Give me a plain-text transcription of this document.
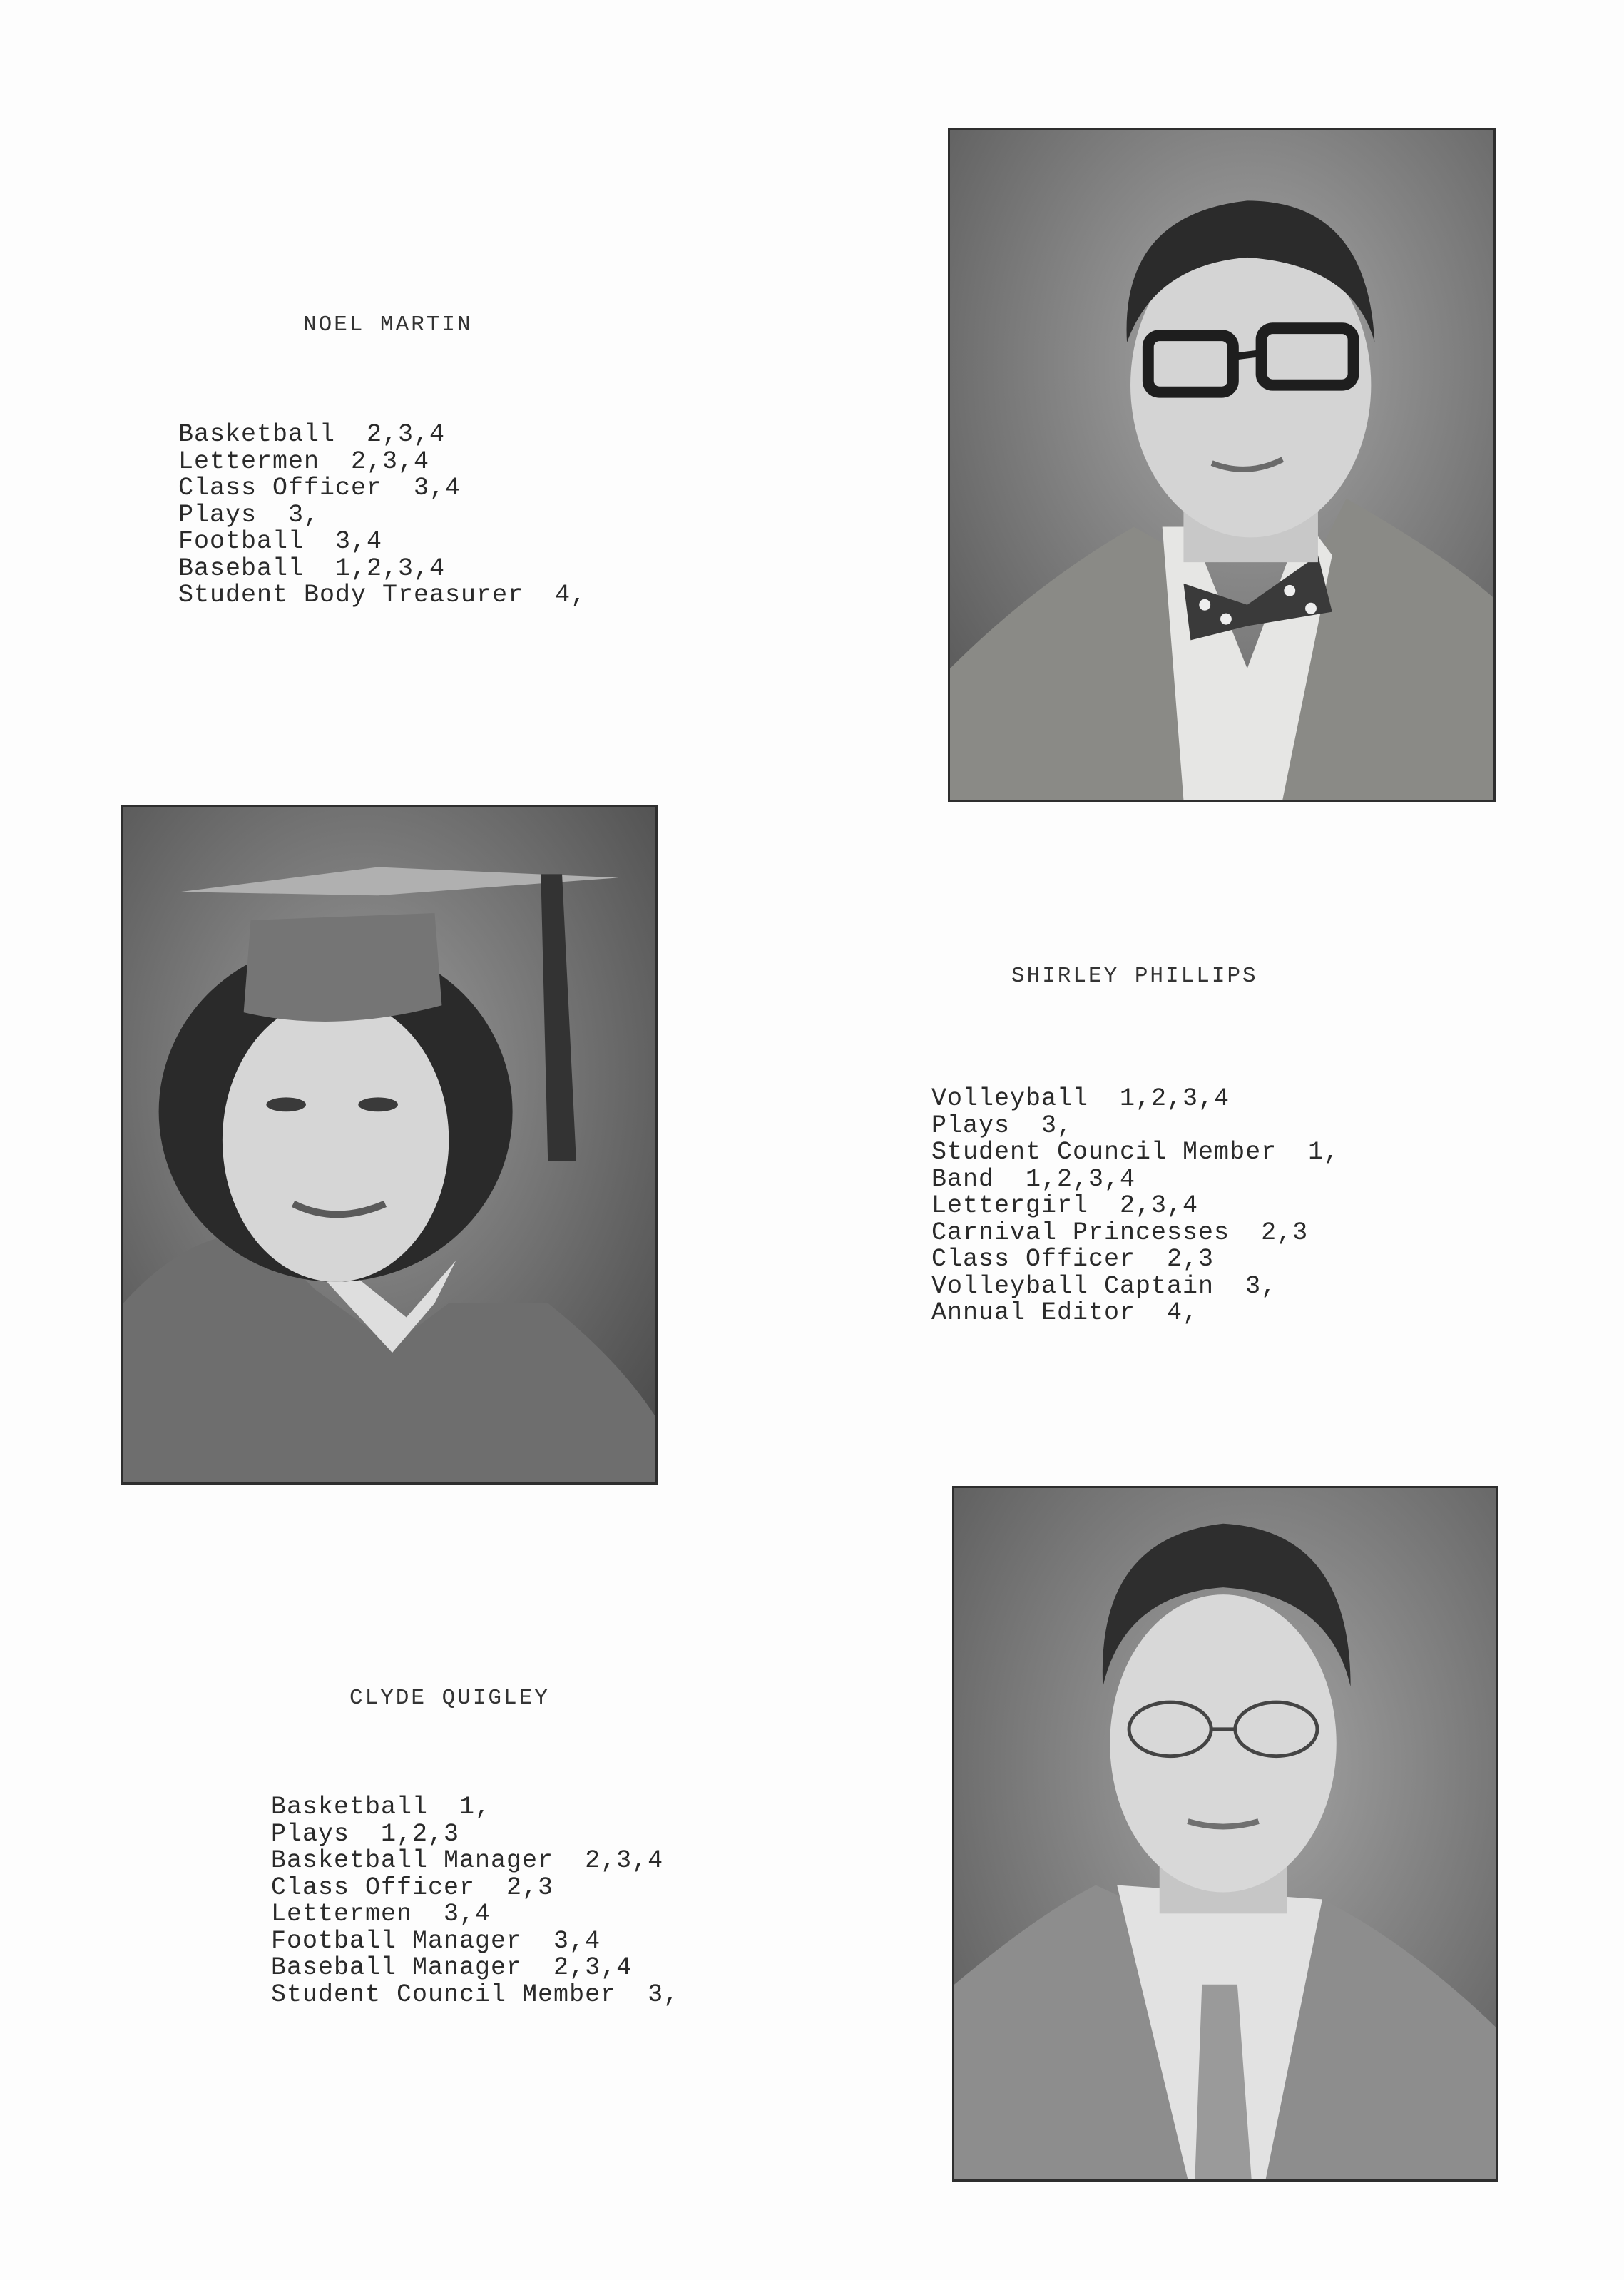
NOEL MARTIN
Basketball  2,3,4
Lettermen  2,3,4
Class Officer  3,4
Plays  3,
Football  3,4
Baseball  1,2,3,4
Student Body Treasurer  4,
SHIRLEY PHILLIPS
Volleyball  1,2,3,4
Plays  3,
Student Council Member  1,
Band  1,2,3,4
Lettergirl  2,3,4
Carnival Princesses  2,3
Class Officer  2,3
Volleyball Captain  3,
Annual Editor  4,
CLYDE QUIGLEY
Basketball  1,
Plays  1,2,3
Basketball Manager  2,3,4
Class Officer  2,3
Lettermen  3,4
Football Manager  3,4
Baseball Manager  2,3,4
Student Council Member  3,
